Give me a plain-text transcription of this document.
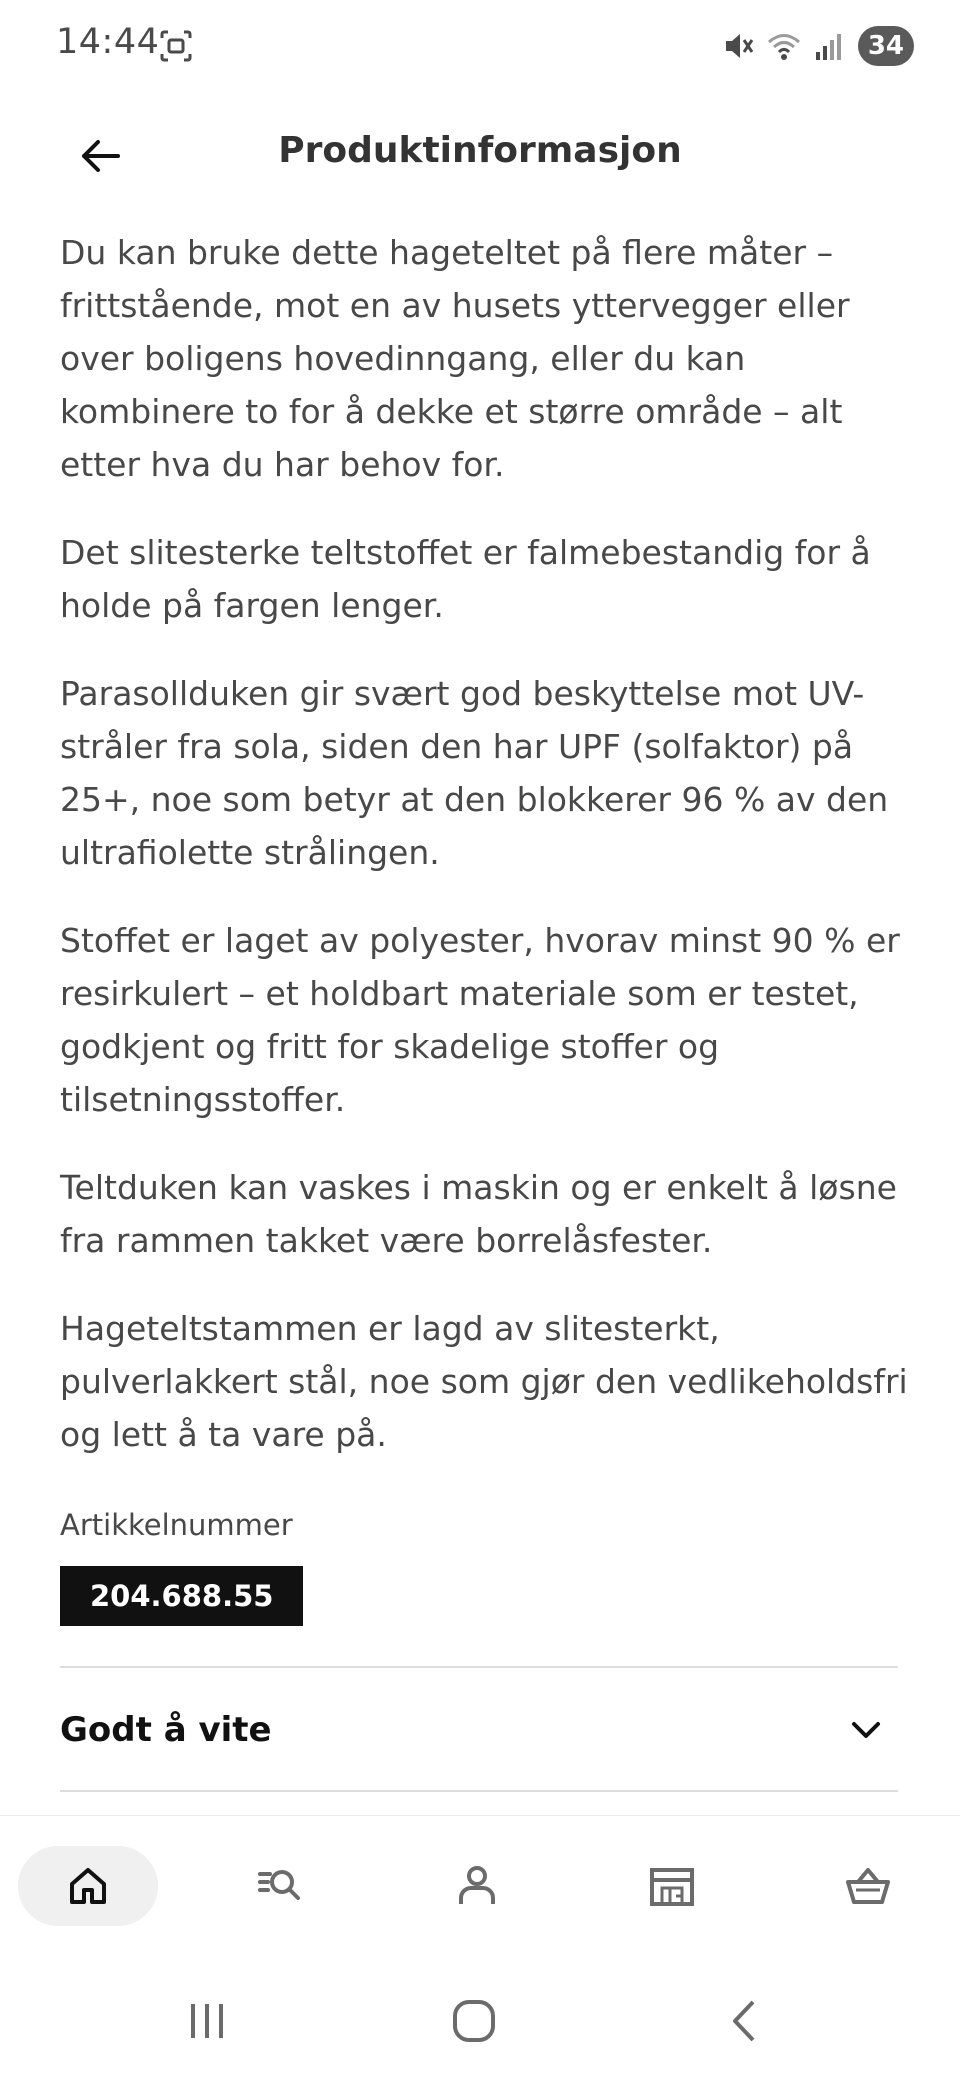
14:44	34
Produktinformasjon

Du kan bruke dette hageteltet på flere måter – frittstående, mot en av husets yttervegger eller over boligens hovedinngang, eller du kan kombinere to for å dekke et større område – alt etter hva du har behov for.

Det slitesterke teltstoffet er falmebestandig for å holde på fargen lenger.

Parasollduken gir svært god beskyttelse mot UV-stråler fra sola, siden den har UPF (solfaktor) på 25+, noe som betyr at den blokkerer 96 % av den ultrafiolette strålingen.

Stoffet er laget av polyester, hvorav minst 90 % er resirkulert – et holdbart materiale som er testet, godkjent og fritt for skadelige stoffer og tilsetningsstoffer.

Teltduken kan vaskes i maskin og er enkelt å løsne fra rammen takket være borrelåsfester.

Hageteltstammen er lagd av slitesterkt, pulverlakkert stål, noe som gjør den vedlikeholdsfri og lett å ta vare på.

Artikkelnummer
204.688.55
Godt å vite
